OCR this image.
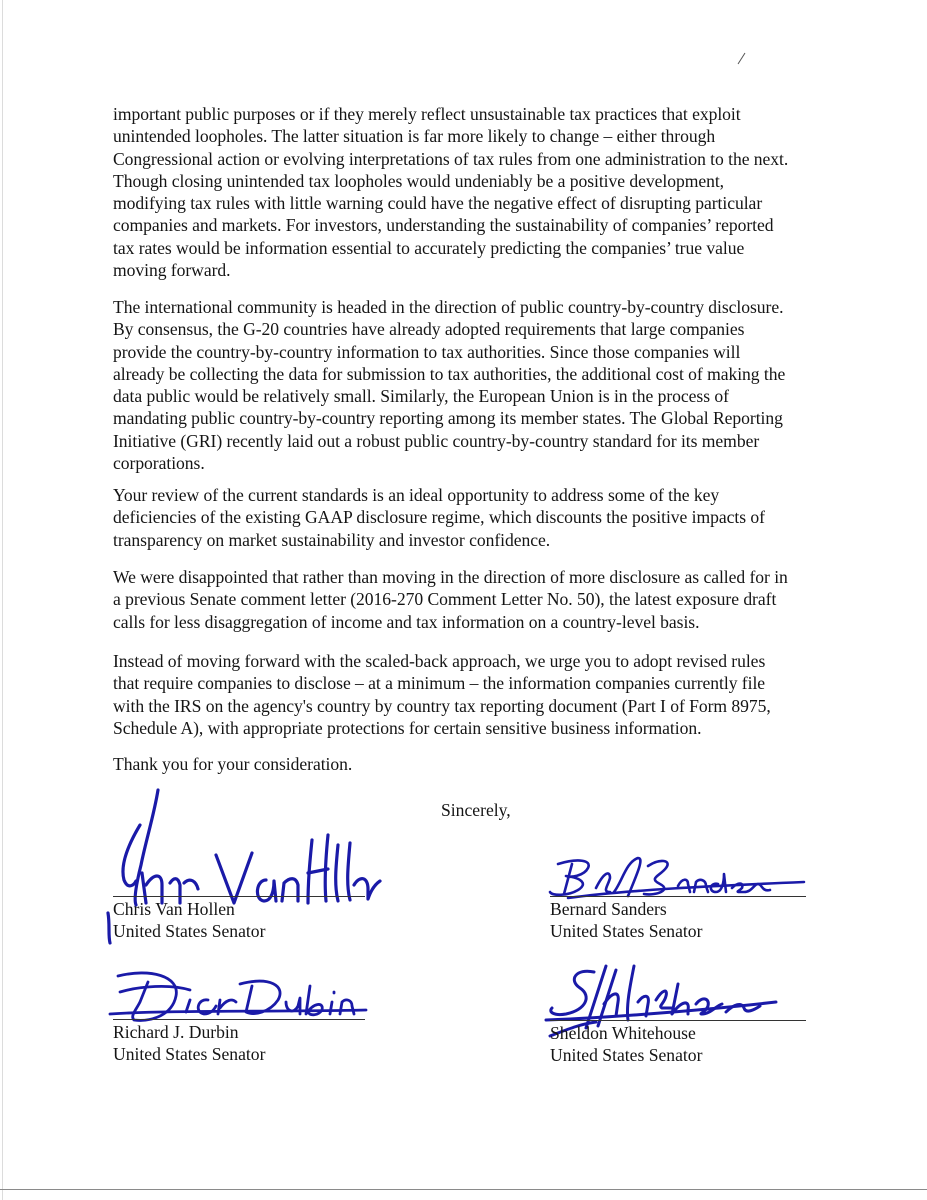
important public purposes or if they merely reflect unsustainable tax practices that exploit
unintended loopholes. The latter situation is far more likely to change – either through
Congressional action or evolving interpretations of tax rules from one administration to the next.
Though closing unintended tax loopholes would undeniably be a positive development,
modifying tax rules with little warning could have the negative effect of disrupting particular
companies and markets. For investors, understanding the sustainability of companies’ reported
tax rates would be information essential to accurately predicting the companies’ true value
moving forward.
The international community is headed in the direction of public country-by-country disclosure.
By consensus, the G-20 countries have already adopted requirements that large companies
provide the country-by-country information to tax authorities. Since those companies will
already be collecting the data for submission to tax authorities, the additional cost of making the
data public would be relatively small. Similarly, the European Union is in the process of
mandating public country-by-country reporting among its member states. The Global Reporting
Initiative (GRI) recently laid out a robust public country-by-country standard for its member
corporations.
Your review of the current standards is an ideal opportunity to address some of the key
deficiencies of the existing GAAP disclosure regime, which discounts the positive impacts of
transparency on market sustainability and investor confidence.
We were disappointed that rather than moving in the direction of more disclosure as called for in
a previous Senate comment letter (2016-270 Comment Letter No. 50), the latest exposure draft
calls for less disaggregation of income and tax information on a country-level basis.
Instead of moving forward with the scaled-back approach, we urge you to adopt revised rules
that require companies to disclose – at a minimum – the information companies currently file
with the IRS on the agency's country by country tax reporting document (Part I of Form 8975,
Schedule A), with appropriate protections for certain sensitive business information.
Thank you for your consideration.

Sincerely,

Chris Van Hollen

United States Senator

Bernard Sanders

United States Senator

Richard J. Durbin

United States Senator

Sheldon Whitehouse

United States Senator
